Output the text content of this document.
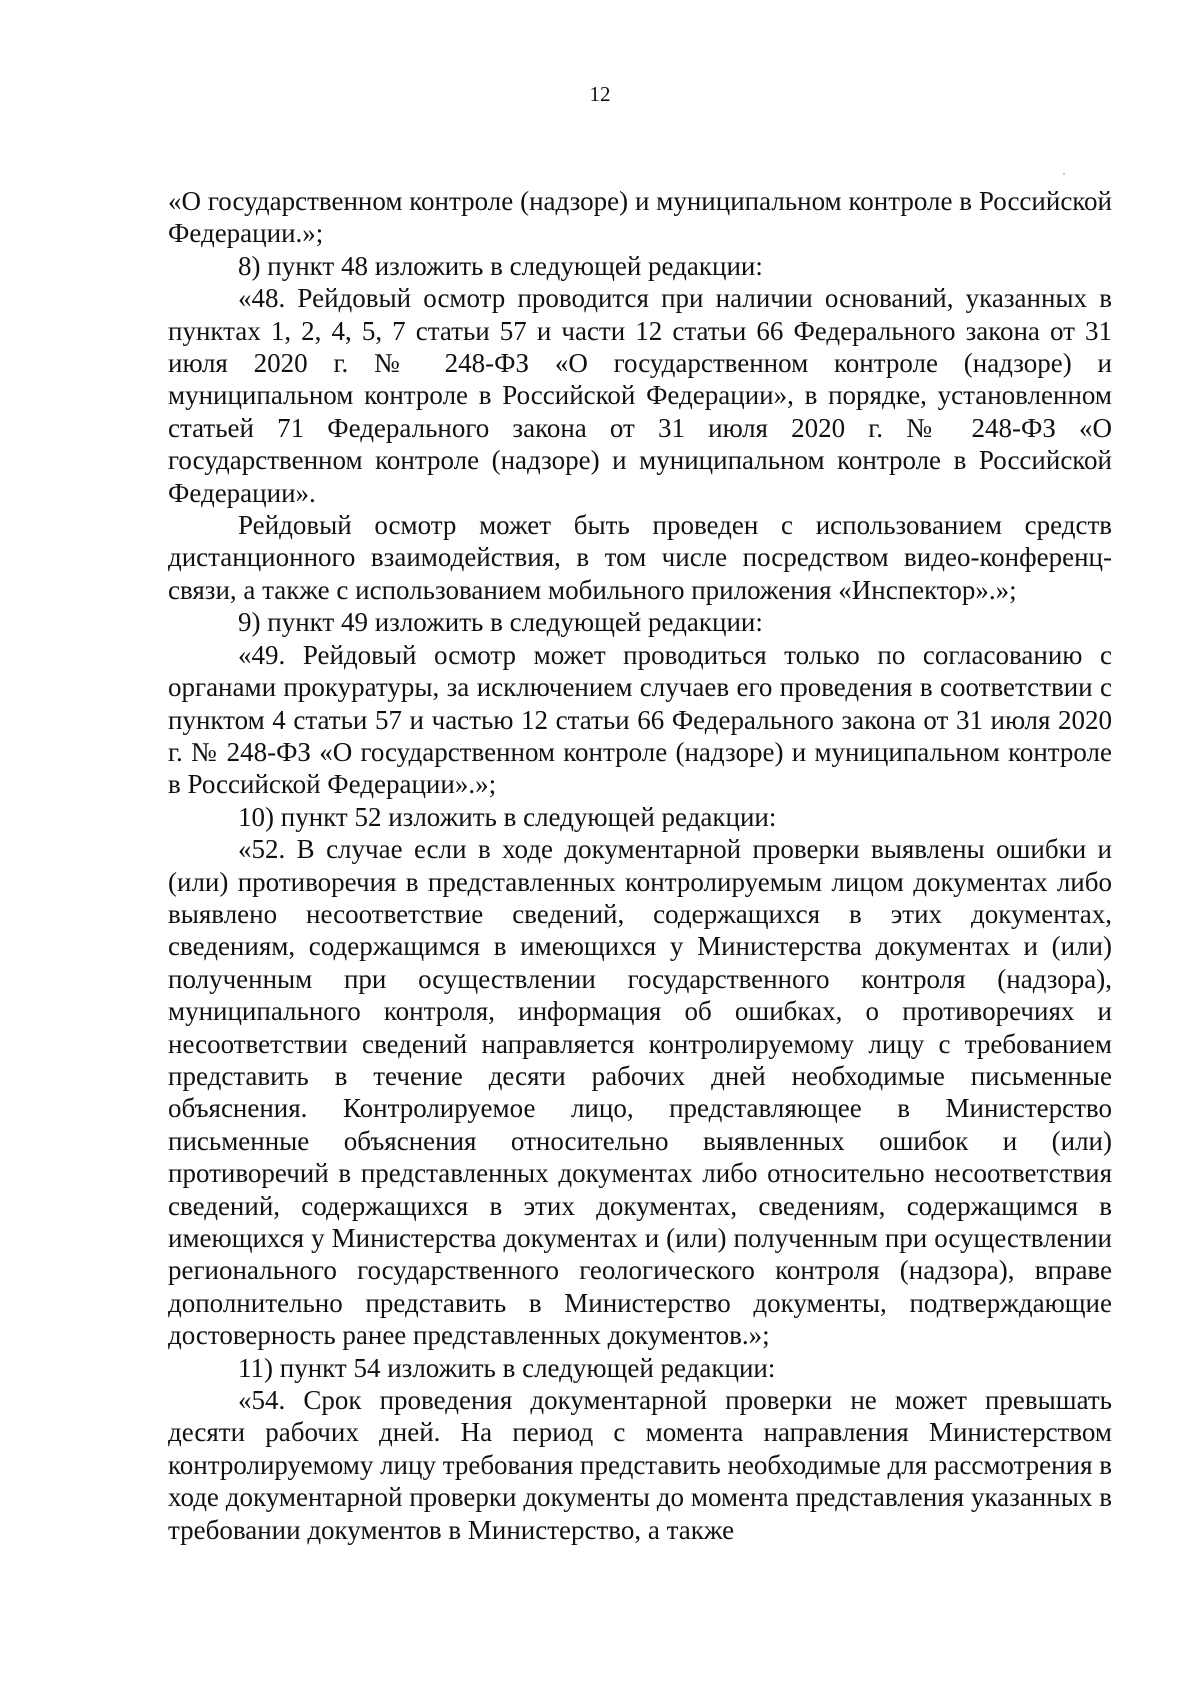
12

«О государственном контроле (надзоре) и муниципальном контроле в Российской Федерации.»;

8) пункт 48 изложить в следующей редакции:

«48. Рейдовый осмотр проводится при наличии оснований, указанных в пунктах 1, 2, 4, 5, 7 статьи 57 и части 12 статьи 66 Федерального закона от 31 июля 2020 г. № 248-ФЗ «О государственном контроле (надзоре) и муниципальном контроле в Российской Федерации», в порядке, установленном статьей 71 Федерального закона от 31 июля 2020 г. № 248-ФЗ «О государственном контроле (надзоре) и муниципальном контроле в Российской Федерации».

Рейдовый осмотр может быть проведен с использованием средств дистанционного взаимодействия, в том числе посредством видео-конференц-связи, а также с использованием мобильного приложения «Инспектор».»;

9) пункт 49 изложить в следующей редакции:

«49. Рейдовый осмотр может проводиться только по согласованию с органами прокуратуры, за исключением случаев его проведения в соответствии с пунктом 4 статьи 57 и частью 12 статьи 66 Федерального закона от 31 июля 2020 г. № 248-ФЗ «О государственном контроле (надзоре) и муниципальном контроле в Российской Федерации».»;

10) пункт 52 изложить в следующей редакции:

«52. В случае если в ходе документарной проверки выявлены ошибки и (или) противоречия в представленных контролируемым лицом документах либо выявлено несоответствие сведений, содержащихся в этих документах, сведениям, содержащимся в имеющихся у Министерства документах и (или) полученным при осуществлении государственного контроля (надзора), муниципального контроля, информация об ошибках, о противоречиях и несоответствии сведений направляется контролируемому лицу с требованием представить в течение десяти рабочих дней необходимые письменные объяснения. Контролируемое лицо, представляющее в Министерство письменные объяснения относительно выявленных ошибок и (или) противоречий в представленных документах либо относительно несоответствия сведений, содержащихся в этих документах, сведениям, содержащимся в имеющихся у Министерства документах и (или) полученным при осуществлении регионального государственного геологического контроля (надзора), вправе дополнительно представить в Министерство документы, подтверждающие достоверность ранее представленных документов.»;

11) пункт 54 изложить в следующей редакции:

«54. Срок проведения документарной проверки не может превышать десяти рабочих дней. На период с момента направления Министерством контролируемому лицу требования представить необходимые для рассмотрения в ходе документарной проверки документы до момента представления указанных в требовании документов в Министерство, а также
